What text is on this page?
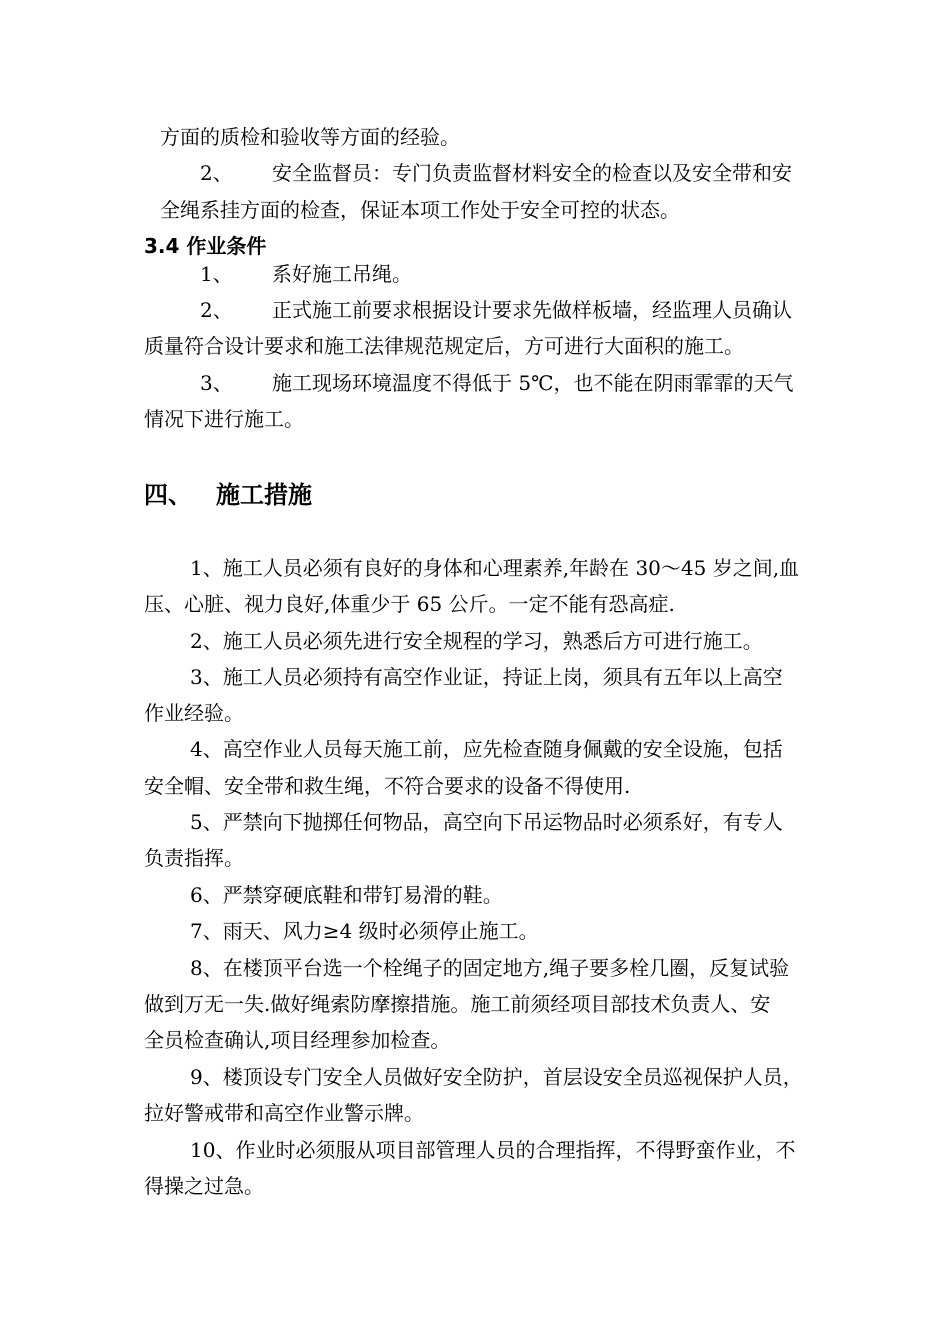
方面的质检和验收等方面的经验。
2、 安全监督员：专门负责监督材料安全的检查以及安全带和安
全绳系挂方面的检查，保证本项工作处于安全可控的状态。
3.4 作业条件
1、 系好施工吊绳。
2、 正式施工前要求根据设计要求先做样板墙，经监理人员确认
质量符合设计要求和施工法律规范规定后，方可进行大面积的施工。
3、 施工现场环境温度不得低于 5℃，也不能在阴雨霏霏的天气
情况下进行施工。
四、 施工措施
1、施工人员必须有良好的身体和心理素养,年龄在 30～45 岁之间,血
压、心脏、视力良好,体重少于 65 公斤。一定不能有恐高症.
2、施工人员必须先进行安全规程的学习，熟悉后方可进行施工。
3、施工人员必须持有高空作业证，持证上岗，须具有五年以上高空
作业经验。
4、高空作业人员每天施工前，应先检查随身佩戴的安全设施，包括
安全帽、安全带和救生绳，不符合要求的设备不得使用.
5、严禁向下抛掷任何物品，高空向下吊运物品时必须系好，有专人
负责指挥。
6、严禁穿硬底鞋和带钉易滑的鞋。
7、雨天、风力≥4 级时必须停止施工。
8、在楼顶平台选一个栓绳子的固定地方,绳子要多栓几圈，反复试验
做到万无一失.做好绳索防摩擦措施。施工前须经项目部技术负责人、安
全员检查确认,项目经理参加检查。
9、楼顶设专门安全人员做好安全防护，首层设安全员巡视保护人员，
拉好警戒带和高空作业警示牌。
10、作业时必须服从项目部管理人员的合理指挥，不得野蛮作业，不
得操之过急。
